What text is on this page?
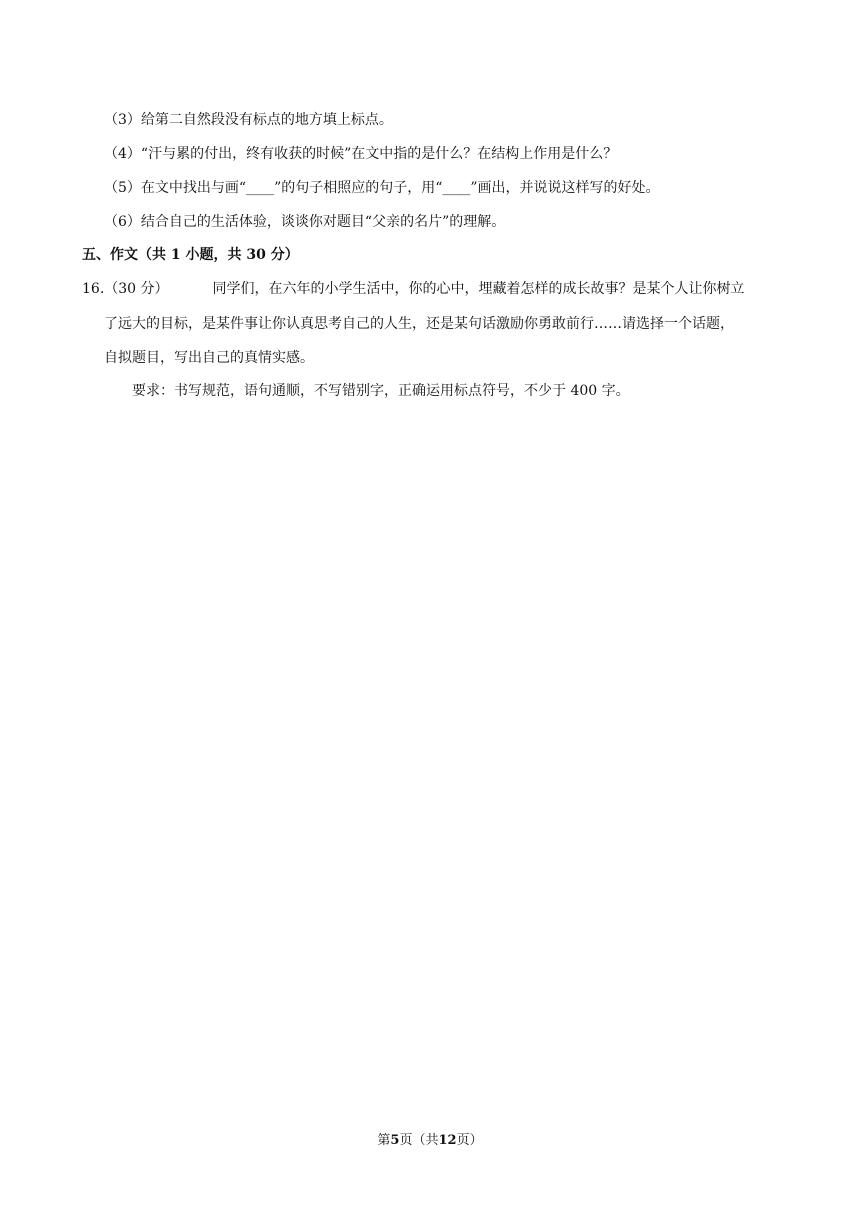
（3）给第二自然段没有标点的地方填上标点。
（4）“汗与累的付出，终有收获的时候”在文中指的是什么？在结构上作用是什么？
（5）在文中找出与画“____”的句子相照应的句子，用“____”画出，并说说这样写的好处。
（6）结合自己的生活体验，谈谈你对题目“父亲的名片”的理解。
五、作文（共 1 小题，共 30 分）
16.（30 分）	同学们，在六年的小学生活中，你的心中，埋藏着怎样的成长故事？是某个人让你树立
了远大的目标，是某件事让你认真思考自己的人生，还是某句话激励你勇敢前行……请选择一个话题，
自拟题目，写出自己的真情实感。
要求：书写规范，语句通顺，不写错别字，正确运用标点符号，不少于 400 字。
第5页（共12页）
